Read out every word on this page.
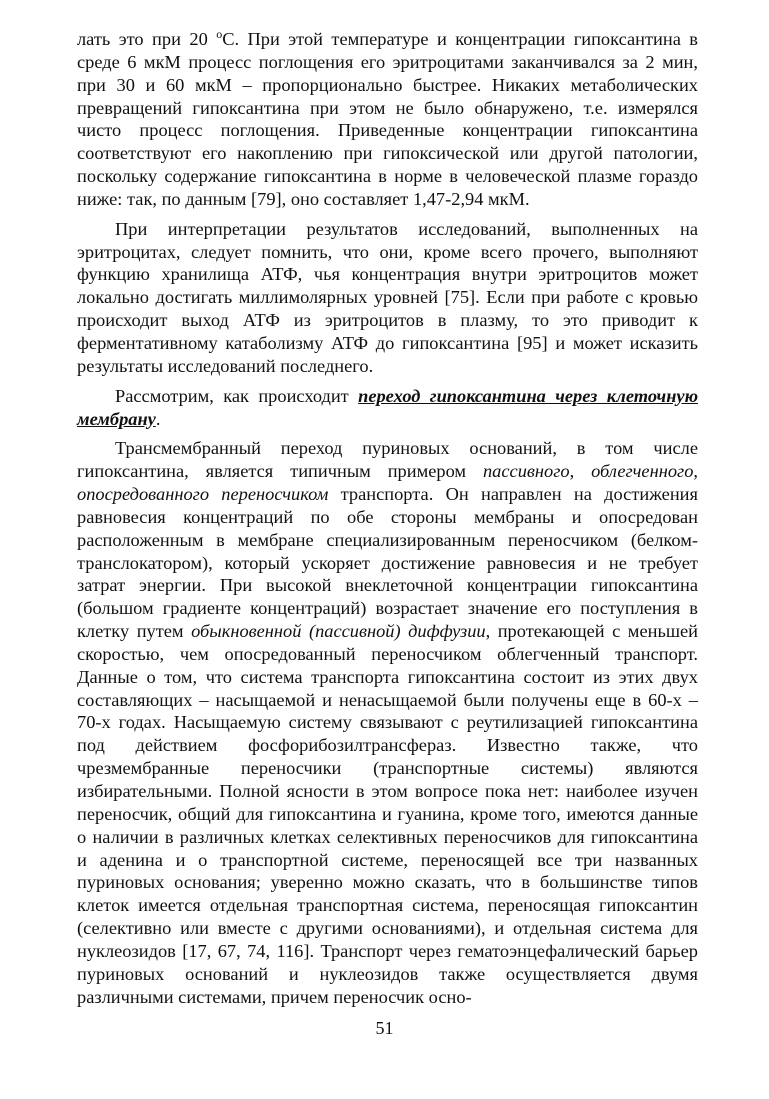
лать это при 20 $^o$С. При этой температуре и концентрации гипоксантина в среде 6 мкМ процесс поглощения его эритроцитами заканчивался за 2 мин, при 30 и 60 мкМ – пропорционально быстрее. Никаких метаболических превращений гипоксантина при этом не было обнаружено, т.е. измерялся чисто процесс поглощения. Приведенные концентрации гипоксантина соответствуют его накоплению при гипоксической или другой патологии, поскольку содержание гипоксантина в норме в человеческой плазме гораздо ниже: так, по данным [79], оно составляет 1,47-2,94 мкМ.

При интерпретации результатов исследований, выполненных на эритроцитах, следует помнить, что они, кроме всего прочего, выполняют функцию хранилища АТФ, чья концентрация внутри эритроцитов может локально достигать миллимолярных уровней [75]. Если при работе с кровью происходит выход АТФ из эритроцитов в плазму, то это приводит к ферментативному катаболизму АТФ до гипоксантина [95] и может исказить результаты исследований последнего.

Рассмотрим, как происходит переход гипоксантина через клеточную мембрану.

Трансмембранный переход пуриновых оснований, в том числе гипоксантина, является типичным примером пассивного, облегченного, опосредованного переносчиком транспорта. Он направлен на достижения равновесия концентраций по обе стороны мембраны и опосредован расположенным в мембране специализированным переносчиком (белком-транслокатором), который ускоряет достижение равновесия и не требует затрат энергии. При высокой внеклеточной концентрации гипоксантина (большом градиенте концентраций) возрастает значение его поступления в клетку путем обыкновенной (пассивной) диффузии, протекающей с меньшей скоростью, чем опосредованный переносчиком облегченный транспорт. Данные о том, что система транспорта гипоксантина состоит из этих двух составляющих – насыщаемой и ненасыщаемой были получены еще в 60-х – 70-х годах. Насыщаемую систему связывают с реутилизацией гипоксантина под действием фосфорибозилтрансфераз. Известно также, что чрезмембранные переносчики (транспортные системы) являются избирательными. Полной ясности в этом вопросе пока нет: наиболее изучен переносчик, общий для гипоксантина и гуанина, кроме того, имеются данные о наличии в различных клетках селективных переносчиков для гипоксантина и аденина и о транспортной системе, переносящей все три названных пуриновых основания; уверенно можно сказать, что в большинстве типов клеток имеется отдельная транспортная система, переносящая гипоксантин (селективно или вместе с другими основаниями), и отдельная система для нуклеозидов [17, 67, 74, 116]. Транспорт через гематоэнцефалический барьер пуриновых оснований и нуклеозидов также осуществляется двумя различными системами, причем переносчик осно-

51
